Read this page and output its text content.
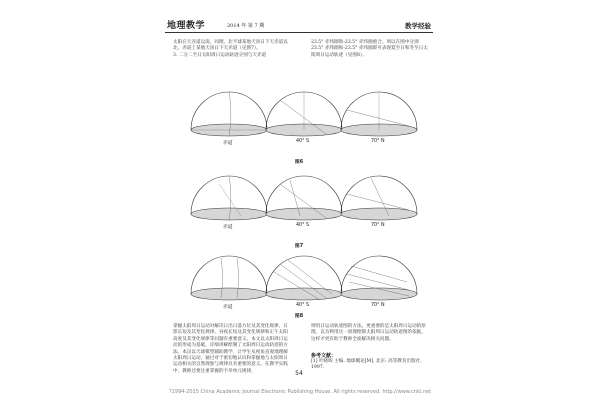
地理教学	2014 年 第 7 期	教学经验
太阳在天赤道以南，同理，北半球某地天顶日下天赤道以北，赤道上某地天顶日下天赤道（见图7）。
3. 二分二至日太阳周日运动轨迹分别与天赤道
23.5° 赤纬圈和-23.5° 赤纬圈重合。周以在图中分别 23.5° 赤纬圈和-23.5° 赤纬圈即可表现夏至日和冬至日太阳周日运动轨迹（见图8）。
赤道	40° S	70° N
图6
赤道	40° S	70° N
图7
赤道	40° S	70° N
图8
掌握太阳周日运动对解决日出日落方位及其变化规律、日影长短及其变化规律、昼夜长短及其变化规律和正午太阳高度及其变化规律等问题有重要意义。本文以太阳周日运动的形成为基础，详细讲解绘制了太阳周日运动轨迹的方法。本汉以天球模型辅助教学，让学生从视角直观地理解太阳周日运动，通过对于密切地认识和掌握地与太阳周日运动相关的自然现象与规律具有重要的意义。在教学实践中，教师还要注重掌握的卡举单元规律，
则用日运动轨迹图的方法，更重要的是太阳周日运动的原理。以为利用这一原理绘制太阳周日运动轨迹图的依据，这样才更有助于教师全面解决相关问题。
参考文献：
[1] 叶晓晖 主编. 地球概论[M]. 北京: 高等教育出版社, 1997.
54
?1994-2015 China Academic Journal Electronic Publishing House. All rights reserved. http://www.cnki.net
